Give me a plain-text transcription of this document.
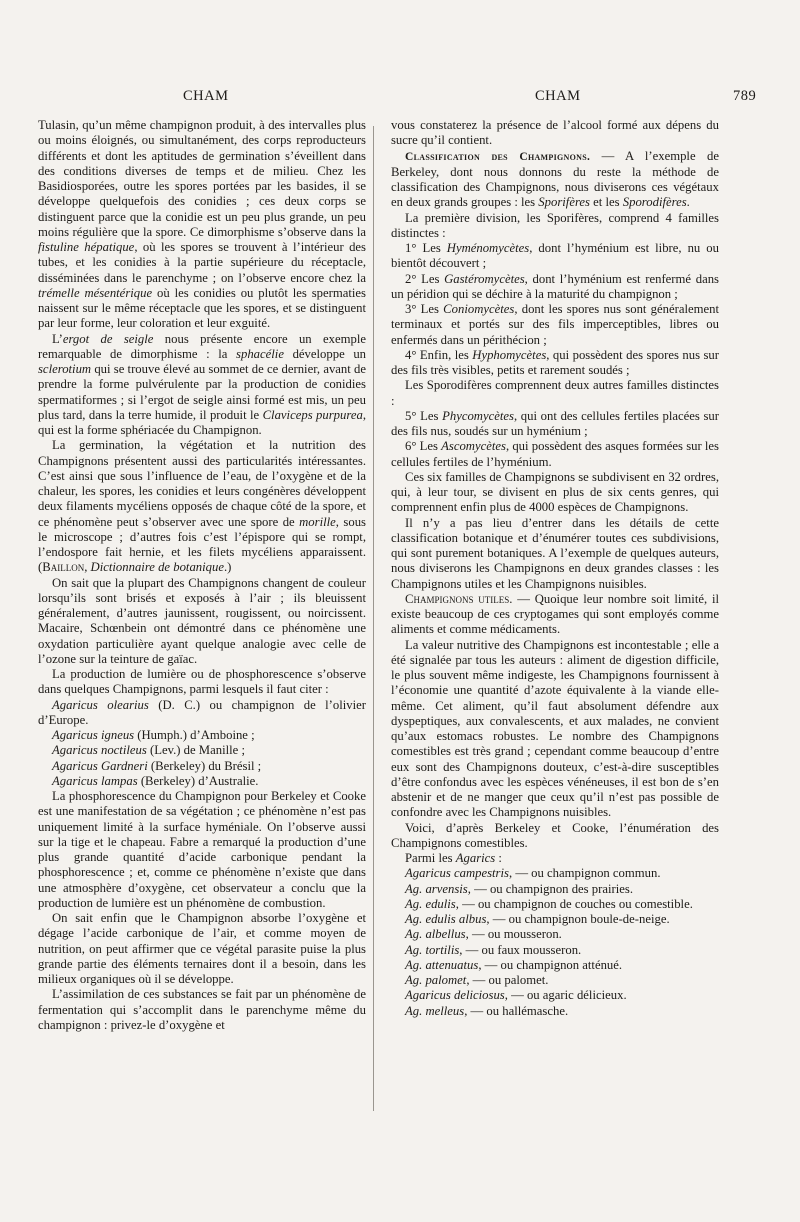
CHAM	CHAM	789

Tulasin, qu’un même champignon produit, à des intervalles plus ou moins éloignés, ou simultanément, des corps reproducteurs différents et dont les aptitudes de germination s’éveillent dans des conditions diverses de temps et de milieu. Chez les Basidiosporées, outre les spores portées par les basides, il se développe quelquefois des conidies ; ces deux corps se distinguent parce que la conidie est un peu plus grande, un peu moins régulière que la spore. Ce dimorphisme s’observe dans la fistuline hépatique, où les spores se trouvent à l’intérieur des tubes, et les conidies à la partie supérieure du réceptacle, disséminées dans le parenchyme ; on l’observe encore chez la trémelle mésentérique où les conidies ou plutôt les spermaties naissent sur le même réceptacle que les spores, et se distinguent par leur forme, leur coloration et leur exguité.

L’ergot de seigle nous présente encore un exemple remarquable de dimorphisme : la sphacélie développe un sclerotium qui se trouve élevé au sommet de ce dernier, avant de prendre la forme pulvérulente par la production de conidies spermatiformes ; si l’ergot de seigle ainsi formé est mis, un peu plus tard, dans la terre humide, il produit le Claviceps purpurea, qui est la forme sphériacée du Champignon.

La germination, la végétation et la nutrition des Champignons présentent aussi des particularités intéressantes. C’est ainsi que sous l’influence de l’eau, de l’oxygène et de la chaleur, les spores, les conidies et leurs congénères développent deux filaments mycéliens opposés de chaque côté de la spore, et ce phénomène peut s’observer avec une spore de morille, sous le microscope ; d’autres fois c’est l’épispore qui se rompt, l’endospore fait hernie, et les filets mycéliens apparaissent. (Baillon, Dictionnaire de botanique.)

On sait que la plupart des Champignons changent de couleur lorsqu’ils sont brisés et exposés à l’air ; ils bleuissent généralement, d’autres jaunissent, rougissent, ou noircissent. Macaire, Schœnbein ont démontré dans ce phénomène une oxydation particulière ayant quelque analogie avec celle de l’ozone sur la teinture de gaïac.

La production de lumière ou de phosphorescence s’observe dans quelques Champignons, parmi lesquels il faut citer :

Agaricus olearius (D. C.) ou champignon de l’olivier d’Europe.

Agaricus igneus (Humph.) d’Amboine ;

Agaricus noctileus (Lev.) de Manille ;

Agaricus Gardneri (Berkeley) du Brésil ;

Agaricus lampas (Berkeley) d’Australie.

La phosphorescence du Champignon pour Berkeley et Cooke est une manifestation de sa végétation ; ce phénomène n’est pas uniquement limité à la surface hyméniale. On l’observe aussi sur la tige et le chapeau. Fabre a remarqué la production d’une plus grande quantité d’acide carbonique pendant la phosphorescence ; et, comme ce phénomène n’existe que dans une atmosphère d’oxygène, cet observateur a conclu que la production de lumière est un phénomène de combustion.

On sait enfin que le Champignon absorbe l’oxygène et dégage l’acide carbonique de l’air, et comme moyen de nutrition, on peut affirmer que ce végétal parasite puise la plus grande partie des éléments ternaires dont il a besoin, dans les milieux organiques où il se développe.

L’assimilation de ces substances se fait par un phénomène de fermentation qui s’accomplit dans le parenchyme même du champignon : privez-le d’oxygène et

vous constaterez la présence de l’alcool formé aux dépens du sucre qu’il contient.

Classification des Champignons. — A l’exemple de Berkeley, dont nous donnons du reste la méthode de classification des Champignons, nous diviserons ces végétaux en deux grands groupes : les Sporifères et les Sporodifères.

La première division, les Sporifères, comprend 4 familles distinctes :

1° Les Hyménomycètes, dont l’hyménium est libre, nu ou bientôt découvert ;

2° Les Gastéromycètes, dont l’hyménium est renfermé dans un péridion qui se déchire à la maturité du champignon ;

3° Les Coniomycètes, dont les spores nus sont généralement terminaux et portés sur des fils imperceptibles, libres ou enfermés dans un périthécion ;

4° Enfin, les Hyphomycètes, qui possèdent des spores nus sur des fils très visibles, petits et rarement soudés ;

Les Sporodifères comprennent deux autres familles distinctes :

5° Les Phycomycètes, qui ont des cellules fertiles placées sur des fils nus, soudés sur un hyménium ;

6° Les Ascomycètes, qui possèdent des asques formées sur les cellules fertiles de l’hyménium.

Ces six familles de Champignons se subdivisent en 32 ordres, qui, à leur tour, se divisent en plus de six cents genres, qui comprennent enfin plus de 4000 espèces de Champignons.

Il n’y a pas lieu d’entrer dans les détails de cette classification botanique et d’énumérer toutes ces subdivisions, qui sont purement botaniques. A l’exemple de quelques auteurs, nous diviserons les Champignons en deux grandes classes : les Champignons utiles et les Champignons nuisibles.

Champignons utiles. — Quoique leur nombre soit limité, il existe beaucoup de ces cryptogames qui sont employés comme aliments et comme médicaments.

La valeur nutritive des Champignons est incontestable ; elle a été signalée par tous les auteurs : aliment de digestion difficile, le plus souvent même indigeste, les Champignons fournissent à l’économie une quantité d’azote équivalente à la viande elle-même. Cet aliment, qu’il faut absolument défendre aux dyspeptiques, aux convalescents, et aux malades, ne convient qu’aux estomacs robustes. Le nombre des Champignons comestibles est très grand ; cependant comme beaucoup d’entre eux sont des Champignons douteux, c’est-à-dire susceptibles d’être confondus avec les espèces vénéneuses, il est bon de s’en abstenir et de ne manger que ceux qu’il n’est pas possible de confondre avec les Champignons nuisibles.

Voici, d’après Berkeley et Cooke, l’énumération des Champignons comestibles.

Parmi les Agarics :

Agaricus campestris, — ou champignon commun.

Ag. arvensis, — ou champignon des prairies.

Ag. edulis, — ou champignon de couches ou comestible.

Ag. edulis albus, — ou champignon boule-de-neige.

Ag. albellus, — ou mousseron.

Ag. tortilis, — ou faux mousseron.

Ag. attenuatus, — ou champignon atténué.

Ag. palomet, — ou palomet.

Agaricus deliciosus, — ou agaric délicieux.

Ag. melleus, — ou hallémasche.
